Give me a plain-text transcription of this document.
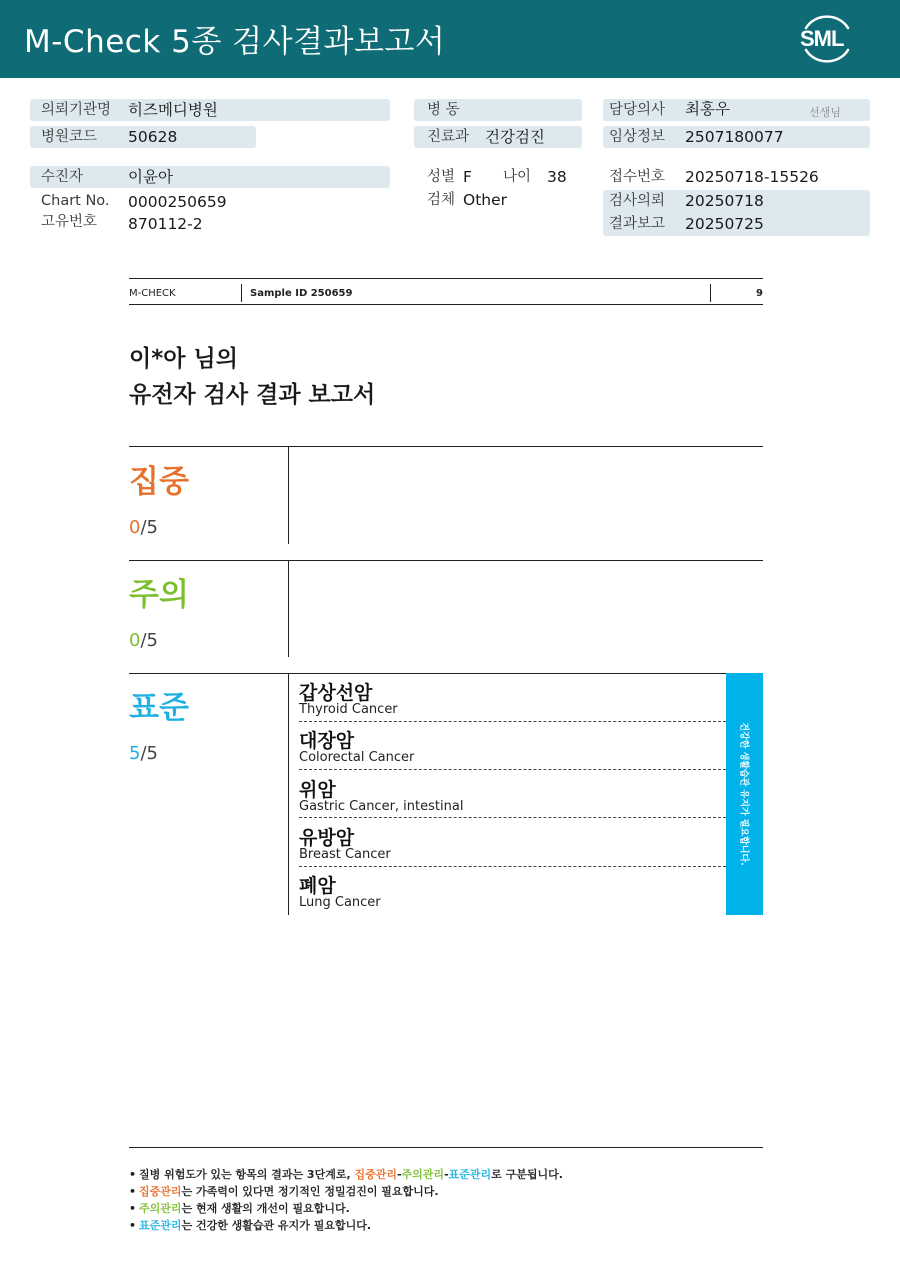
M-Check 5종 검사결과보고서	SML
의뢰기관명 히즈메디병원	병 동	담당의사 최홍우	선생님
병원코드 50628	진료과 건강검진	임상정보 2507180077
수진자	이윤아	성별 F 나이 38	접수번호 20250718-15526
Chart No. 0000250659	검체 Other	검사의뢰 20250718
고유번호 870112-2	결과보고 20250725
M-CHECK	Sample ID 250659	9
이*아 님의
유전자 검사 결과 보고서
집중
0/5
주의
0/5
표준
5/5
갑상선암
Thyroid Cancer
대장암
Colorectal Cancer
위암
Gastric Cancer, intestinal
유방암
Breast Cancer
폐암
Lung Cancer
건강한 생활습관 유지가 필요합니다.
• 질병 위험도가 있는 항목의 결과는 3단계로, 집중관리-주의관리-표준관리로 구분됩니다.
• 집중관리는 가족력이 있다면 정기적인 정밀검진이 필요합니다.
• 주의관리는 현재 생활의 개선이 필요합니다.
• 표준관리는 건강한 생활습관 유지가 필요합니다.
